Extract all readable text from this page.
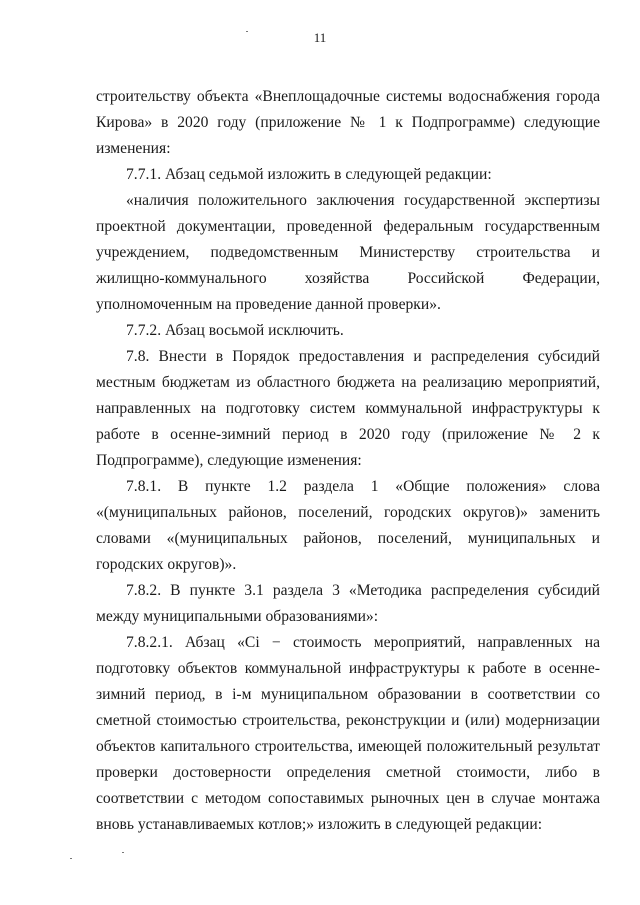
11

строительству объекта «Внеплощадочные системы водоснабжения города Кирова» в 2020 году (приложение № 1 к Подпрограмме) следующие изменения:

7.7.1. Абзац седьмой изложить в следующей редакции:

«наличия положительного заключения государственной экспертизы проектной документации, проведенной федеральным государственным учреждением, подведомственным Министерству строительства и жилищно-коммунального хозяйства Российской Федерации, уполномоченным на проведение данной проверки».

7.7.2. Абзац восьмой исключить.

7.8. Внести в Порядок предоставления и распределения субсидий местным бюджетам из областного бюджета на реализацию мероприятий, направленных на подготовку систем коммунальной инфраструктуры к работе в осенне-зимний период в 2020 году (приложение № 2 к Подпрограмме), следующие изменения:

7.8.1. В пункте 1.2 раздела 1 «Общие положения» слова «(муниципальных районов, поселений, городских округов)» заменить словами «(муниципальных районов, поселений, муниципальных и городских округов)».

7.8.2. В пункте 3.1 раздела 3 «Методика распределения субсидий между муниципальными образованиями»:

7.8.2.1. Абзац «Ci − стоимость мероприятий, направленных на подготовку объектов коммунальной инфраструктуры к работе в осенне-зимний период, в i-м муниципальном образовании в соответствии со сметной стоимостью строительства, реконструкции и (или) модернизации объектов капитального строительства, имеющей положительный результат проверки достоверности определения сметной стоимости, либо в соответствии с методом сопоставимых рыночных цен в случае монтажа вновь устанавливаемых котлов;» изложить в следующей редакции:
